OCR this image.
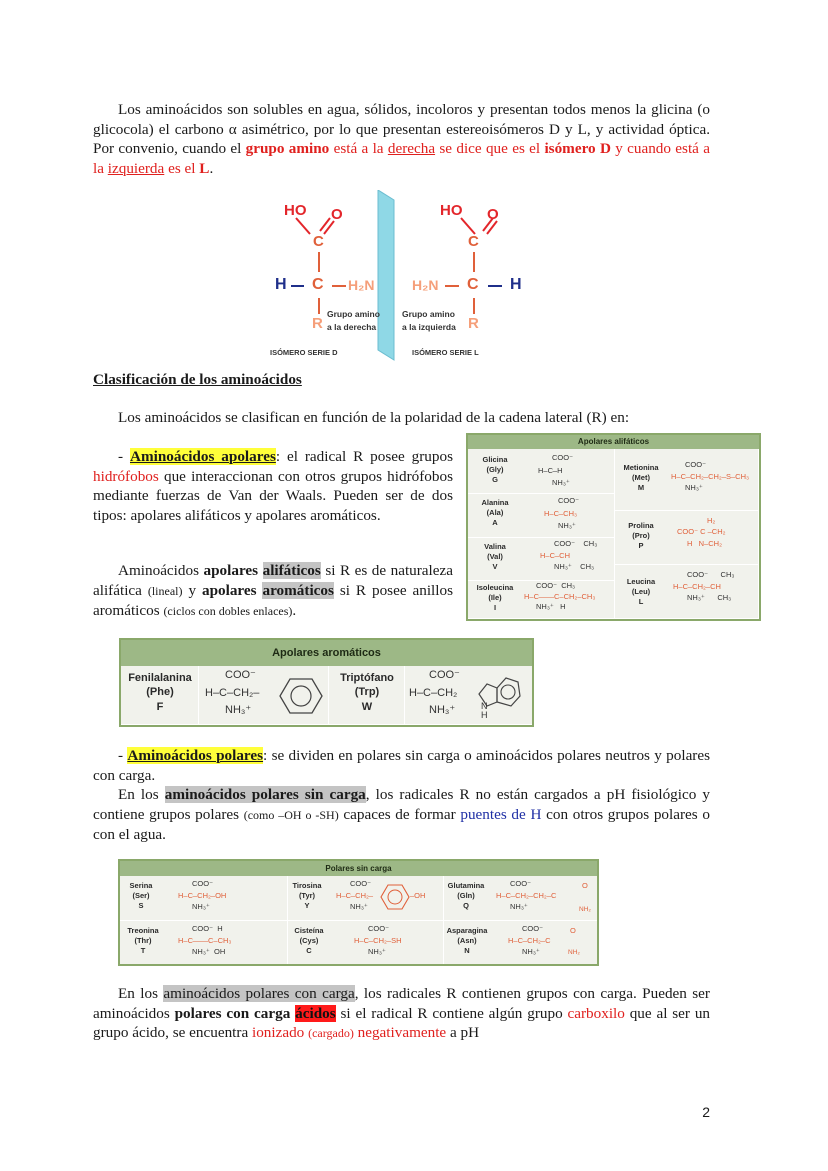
Los aminoácidos son solubles en agua, sólidos, incoloros y presentan todos menos la glicina (o glicocola) el carbono α asimétrico, por lo que presentan estereoisómeros D y L, y actividad óptica. Por convenio, cuando el grupo amino está a la derecha se dice que es el isómero D y cuando está a la izquierda es el L.

HO O
C
H C H₂N
R
Grupo amino
a la derecha
ISÓMERO SERIE D
HO O
C
H₂N C H
R
Grupo amino
a la izquierda
ISÓMERO SERIE L

Clasificación de los aminoácidos

Los aminoácidos se clasifican en función de la polaridad de la cadena lateral (R) en:

- Aminoácidos apolares: el radical R posee grupos hidrófobos que interaccionan con otros grupos hidrófobos mediante fuerzas de Van der Waals. Pueden ser de dos tipos: apolares alifáticos y apolares aromáticos.

Aminoácidos apolares alifáticos si R es de naturaleza alifática (lineal) y apolares aromáticos si R posee anillos aromáticos (ciclos con dobles enlaces).

Apolares alifáticos
Glicina
(Gly)
G
COO⁻
H–C–H
NH₃⁺
Alanina
(Ala)
A
COO⁻
H–C–CH₃
NH₃⁺
Valina
(Val)
V
COO⁻    CH₃
H–C–CH
NH₃⁺    CH₃
Isoleucina
(Ile)
I
COO⁻  CH₃
H–C——C–CH₂–CH₃
NH₃⁺   H
Metionina
(Met)
M
COO⁻
H–C–CH₂–CH₂–S–CH₃
NH₃⁺
Prolina
(Pro)
P
H₂
COO⁻ C –CH₂
H   N–CH₂
Leucina
(Leu)
L
COO⁻      CH₃
H–C–CH₂–CH
NH₃⁺      CH₃
Apolares aromáticos
Fenilalanina
(Phe)
F
COO⁻
H–C–CH₂–
NH₃⁺
Triptófano
(Trp)
W
COO⁻
H–C–CH₂
NH₃⁺	N
H

- Aminoácidos polares: se dividen en polares sin carga o aminoácidos polares neutros y polares con carga.

En los aminoácidos polares sin carga, los radicales R no están cargados a pH fisiológico y contiene grupos polares (como –OH o -SH) capaces de formar puentes de H con otros grupos polares o con el agua.

Polares sin carga
Serina
(Ser)
S
COO⁻
H–C–CH₂–OH
NH₃⁺
Tirosina
(Tyr)
Y
COO⁻
H–C–CH₂–
NH₃⁺
–OH
Glutamina
(Gln)
Q
COO⁻
H–C–CH₂–CH₂–C
NH₃⁺
O
NH₂
Treonina
(Thr)
T
COO⁻  H
H–C——C–CH₃
NH₃⁺  OH
Cisteína
(Cys)
C
COO⁻
H–C–CH₂–SH
NH₃⁺
Asparagina
(Asn)
N
COO⁻
H–C–CH₂–C
NH₃⁺
O
NH₂

En los aminoácidos polares con carga, los radicales R contienen grupos con carga. Pueden ser aminoácidos polares con carga ácidos si el radical R contiene algún grupo carboxilo que al ser un grupo ácido, se encuentra ionizado (cargado) negativamente a pH

2
